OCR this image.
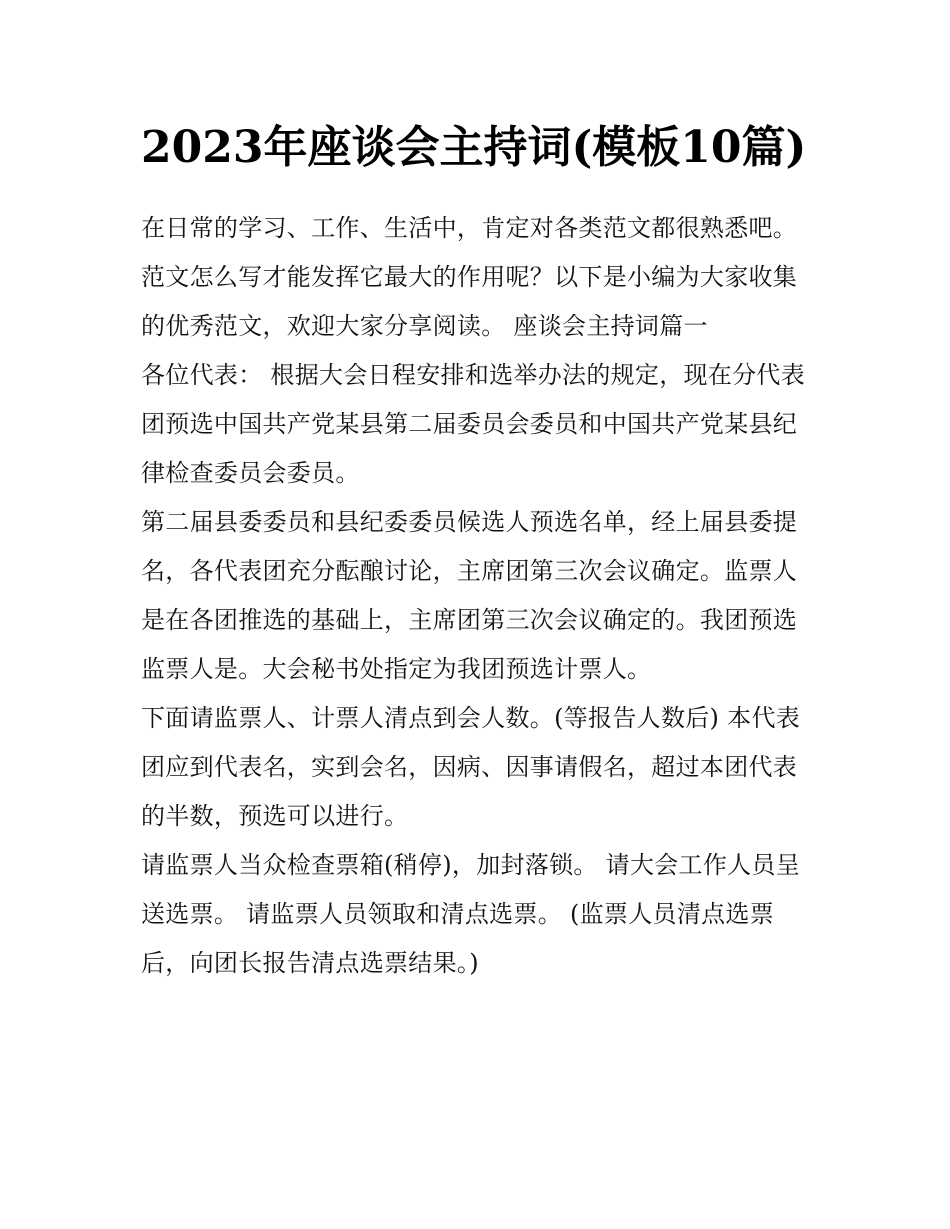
2023年座谈会主持词(模板10篇)

在日常的学习、工作、生活中，肯定对各类范文都很熟悉吧。范文怎么写才能发挥它最大的作用呢？以下是小编为大家收集的优秀范文，欢迎大家分享阅读。 座谈会主持词篇一

各位代表： 根据大会日程安排和选举办法的规定，现在分代表团预选中国共产党某县第二届委员会委员和中国共产党某县纪律检查委员会委员。

第二届县委委员和县纪委委员候选人预选名单，经上届县委提名，各代表团充分酝酿讨论，主席团第三次会议确定。监票人是在各团推选的基础上，主席团第三次会议确定的。我团预选监票人是。大会秘书处指定为我团预选计票人。

下面请监票人、计票人清点到会人数。(等报告人数后) 本代表团应到代表名，实到会名，因病、因事请假名，超过本团代表的半数，预选可以进行。

请监票人当众检查票箱(稍停)，加封落锁。 请大会工作人员呈送选票。 请监票人员领取和清点选票。 (监票人员清点选票后，向团长报告清点选票结果。)
